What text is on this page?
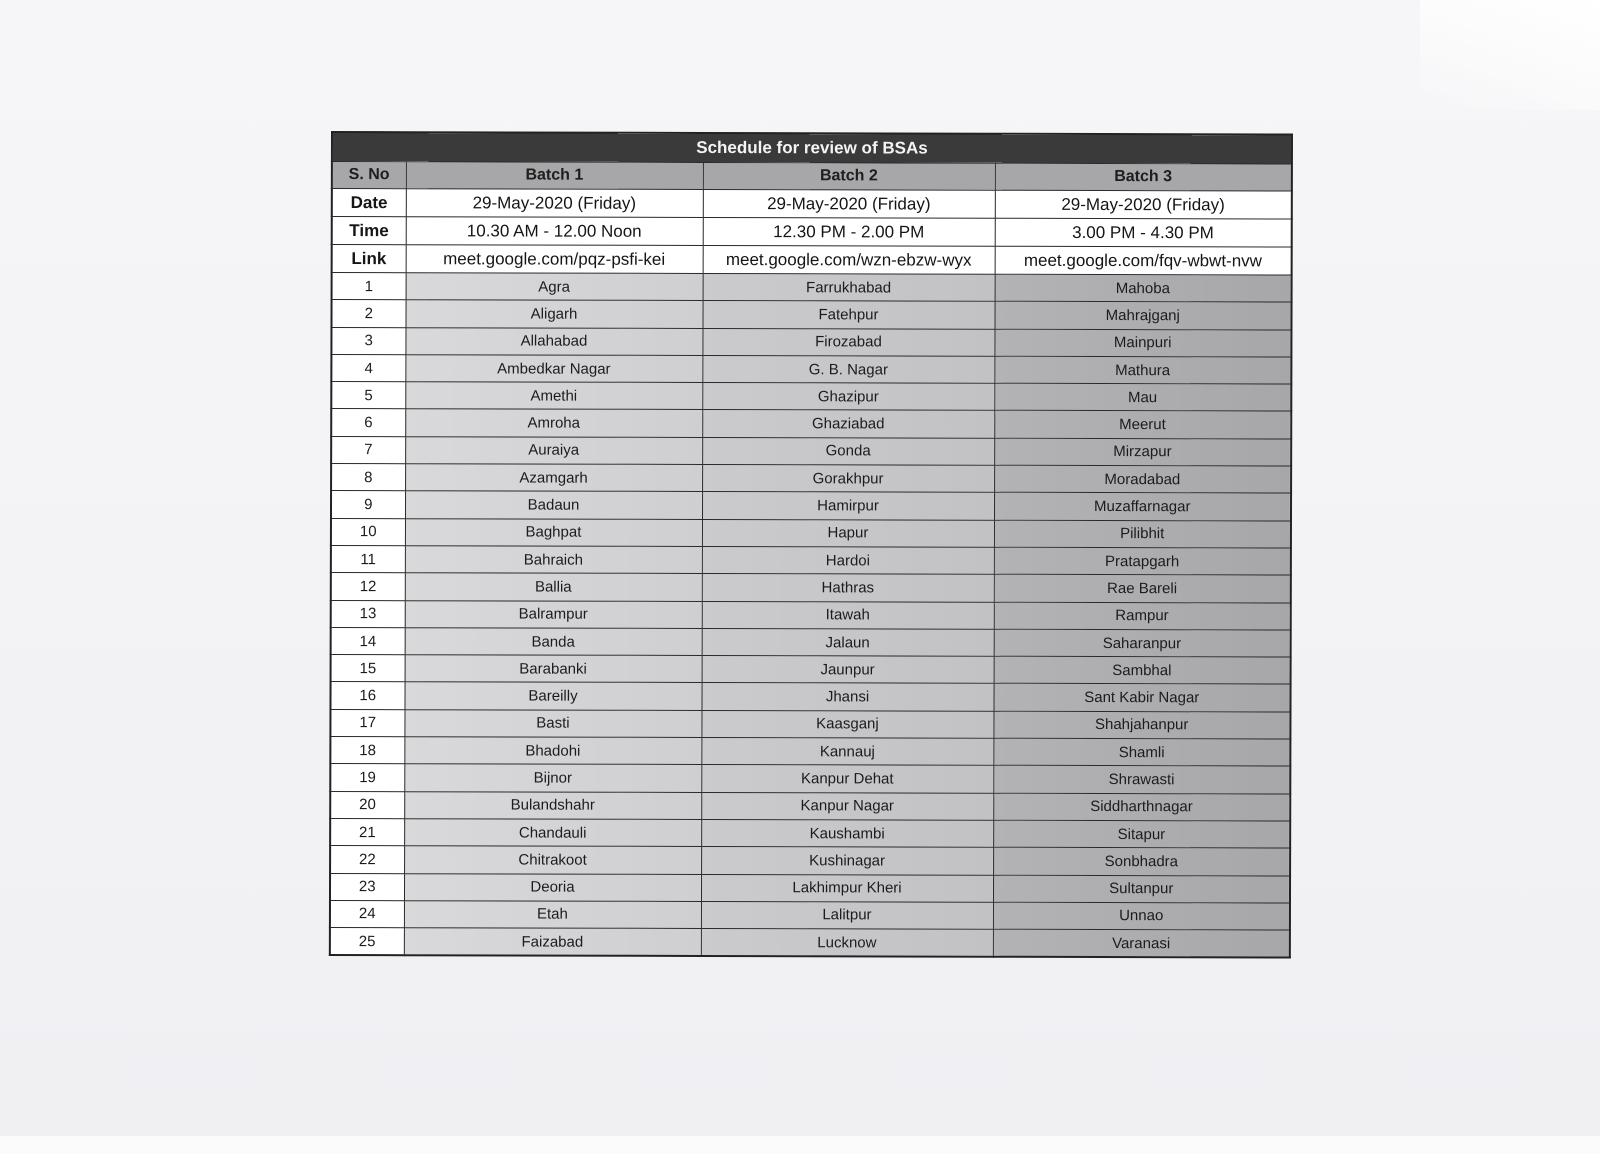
Schedule for review of BSAs			
S. No	Batch 1	Batch 2	Batch 3
Date	29-May-2020 (Friday)	29-May-2020 (Friday)	29-May-2020 (Friday)
Time	10.30 AM - 12.00 Noon	12.30 PM - 2.00 PM	3.00 PM - 4.30 PM
Link	meet.google.com/pqz-psfi-kei	meet.google.com/wzn-ebzw-wyx	meet.google.com/fqv-wbwt-nvw
1	Agra	Farrukhabad	Mahoba
2	Aligarh	Fatehpur	Mahrajganj
3	Allahabad	Firozabad	Mainpuri
4	Ambedkar Nagar	G. B. Nagar	Mathura
5	Amethi	Ghazipur	Mau
6	Amroha	Ghaziabad	Meerut
7	Auraiya	Gonda	Mirzapur
8	Azamgarh	Gorakhpur	Moradabad
9	Badaun	Hamirpur	Muzaffarnagar
10	Baghpat	Hapur	Pilibhit
11	Bahraich	Hardoi	Pratapgarh
12	Ballia	Hathras	Rae Bareli
13	Balrampur	Itawah	Rampur
14	Banda	Jalaun	Saharanpur
15	Barabanki	Jaunpur	Sambhal
16	Bareilly	Jhansi	Sant Kabir Nagar
17	Basti	Kaasganj	Shahjahanpur
18	Bhadohi	Kannauj	Shamli
19	Bijnor	Kanpur Dehat	Shrawasti
20	Bulandshahr	Kanpur Nagar	Siddharthnagar
21	Chandauli	Kaushambi	Sitapur
22	Chitrakoot	Kushinagar	Sonbhadra
23	Deoria	Lakhimpur Kheri	Sultanpur
24	Etah	Lalitpur	Unnao
25	Faizabad	Lucknow	Varanasi
